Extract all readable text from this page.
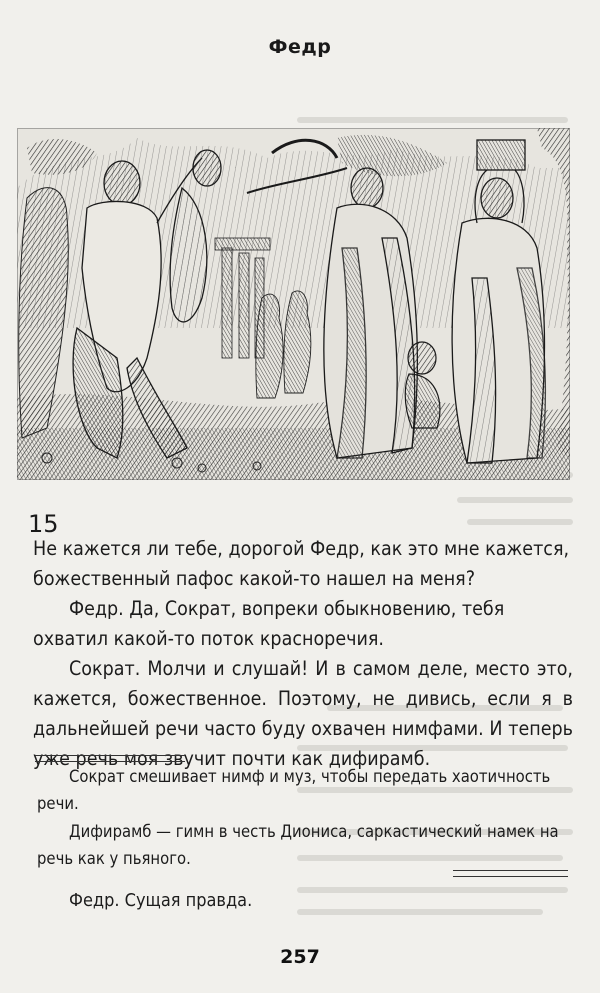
Федр
15

Не кажется ли тебе, дорогой Федр, как это мне кажется, божественный пафос какой-то нашел на меня?

Федр. Да, Сократ, вопреки обыкновению, тебя охватил какой-то поток красноречия.

Сократ. Молчи и слушай! И в самом деле, место это, кажется, божественное. Поэтому, не дивись, если я в дальнейшей речи часто буду охвачен нимфами. И теперь уже речь моя звучит почти как дифирамб.

Сократ смешивает нимф и муз, чтобы передать хаотичность речи.

Дифирамб — гимн в честь Диониса, саркастический намек на речь как у пьяного.

Федр. Сущая правда.

257
